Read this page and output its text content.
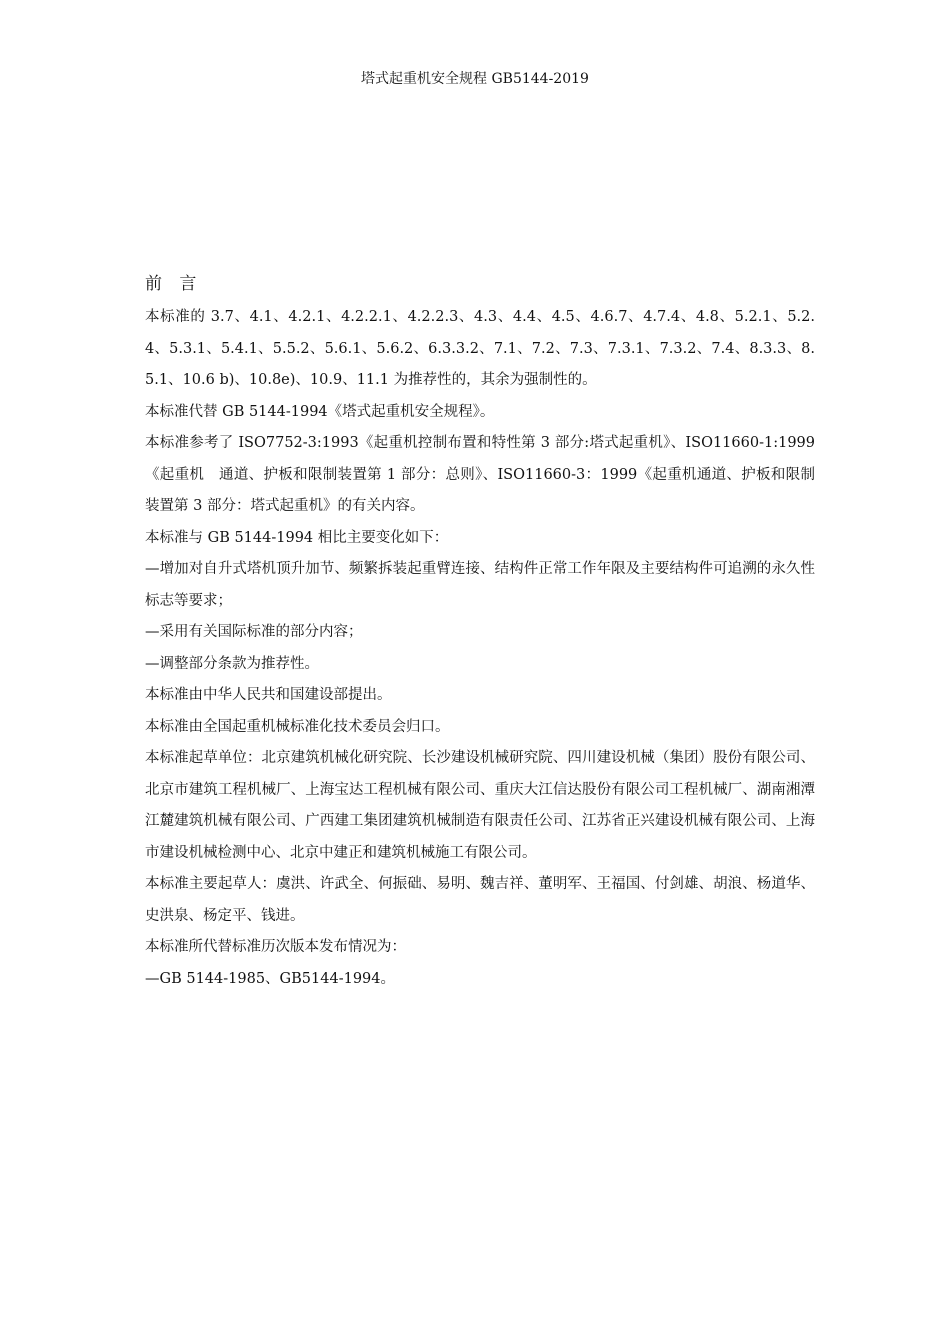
塔式起重机安全规程 GB5144-2019

前 言

本标准的 3.7、4.1、4.2.1、4.2.2.1、4.2.2.3、4.3、4.4、4.5、4.6.7、4.7.4、4.8、5.2.1、5.2.4、5.3.1、5.4.1、5.5.2、5.6.1、5.6.2、6.3.3.2、7.1、7.2、7.3、7.3.1、7.3.2、7.4、8.3.3、8.5.1、10.6 b)、10.8e)、10.9、11.1 为推荐性的，其余为强制性的。

本标准代替 GB 5144-1994《塔式起重机安全规程》。

本标准参考了 ISO7752-3:1993《起重机控制布置和特性第 3 部分:塔式起重机》、ISO11660-1:1999《起重机　通道、护板和限制装置第 1 部分：总则》、ISO11660-3：1999《起重机通道、护板和限制装置第 3 部分：塔式起重机》的有关内容。

本标准与 GB 5144-1994 相比主要变化如下：

—增加对自升式塔机顶升加节、频繁拆装起重臂连接、结构件正常工作年限及主要结构件可追溯的永久性标志等要求；

—采用有关国际标准的部分内容；

—调整部分条款为推荐性。

本标准由中华人民共和国建设部提出。

本标准由全国起重机械标准化技术委员会归口。

本标准起草单位：北京建筑机械化研究院、长沙建设机械研究院、四川建设机械（集团）股份有限公司、北京市建筑工程机械厂、上海宝达工程机械有限公司、重庆大江信达股份有限公司工程机械厂、湖南湘潭江麓建筑机械有限公司、广西建工集团建筑机械制造有限责任公司、江苏省正兴建设机械有限公司、上海市建设机械检测中心、北京中建正和建筑机械施工有限公司。

本标准主要起草人：虞洪、许武全、何振础、易明、魏吉祥、董明军、王福国、付剑雄、胡浪、杨道华、史洪泉、杨定平、钱进。

本标准所代替标准历次版本发布情况为：

—GB 5144-1985、GB5144-1994。
